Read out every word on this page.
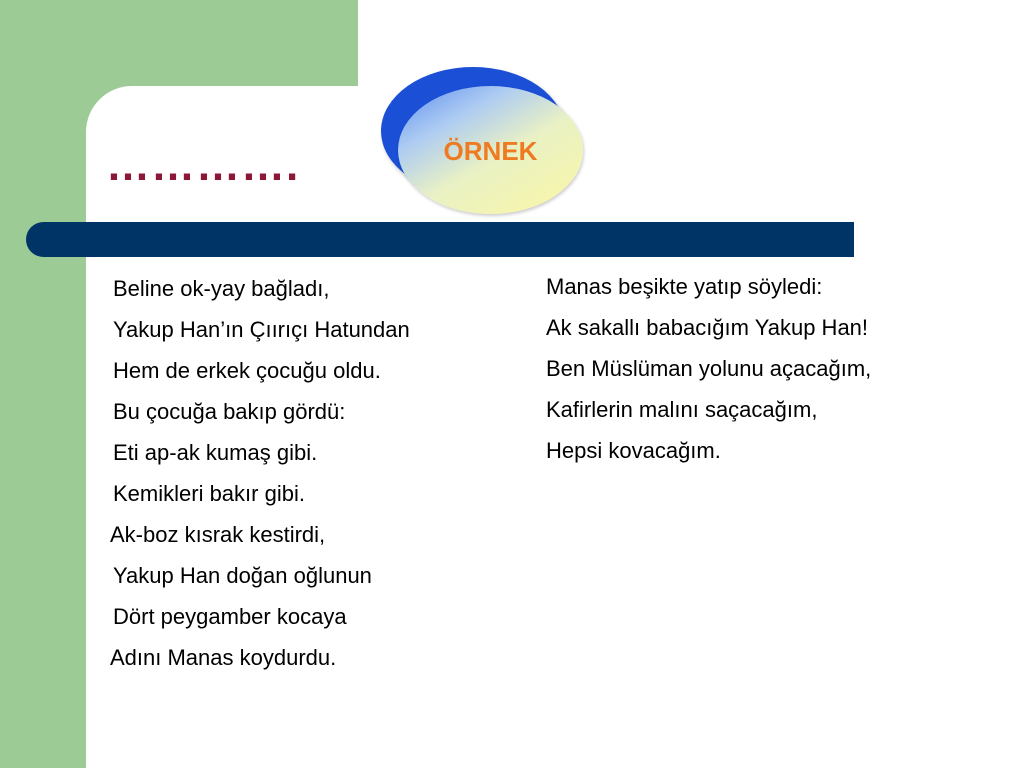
………….	ÖRNEK
Beline ok-yay bağladı,
Yakup Han’ın Çıırıçı Hatundan
Hem de erkek çocuğu oldu.
Bu çocuğa bakıp gördü:
Eti ap-ak kumaş gibi.
Kemikleri bakır gibi.
Ak-boz kısrak kestirdi,
Yakup Han doğan oğlunun
Dört peygamber kocaya
Adını Manas koydurdu.
Manas beşikte yatıp söyledi:
Ak sakallı babacığım Yakup Han!
Ben Müslüman yolunu açacağım,
Kafirlerin malını saçacağım,
Hepsi kovacağım.
